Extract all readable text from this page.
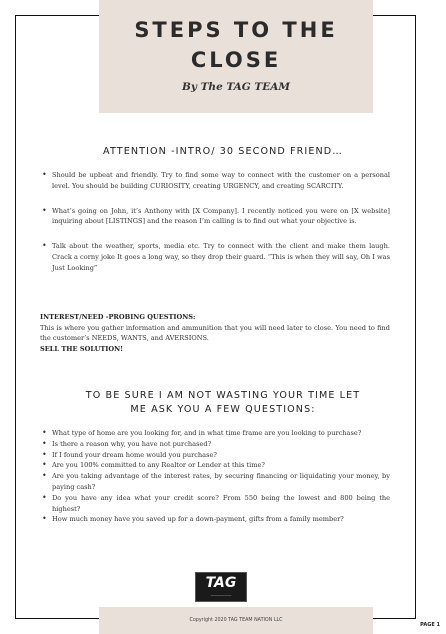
STEPS TO THE
CLOSE
By The TAG TEAM
ATTENTION -INTRO/ 30 SECOND FRIEND…
• Should be upbeat and friendly. Try to find some way to connect with the customer on a personal level. You should be building CURIOSITY, creating URGENCY, and creating SCARCITY.
• What’s going on John, it’s Anthony with [X Company]. I recently noticed you were on [X website] inquiring about [LISTINGS] and the reason I’m calling is to find out what your objective is.
• Talk about the weather, sports, media etc. Try to connect with the client and make them laugh. Crack a corny joke It goes a long way, so they drop their guard. “This is when they will say, Oh I was Just Looking”
INTEREST/NEED -PROBING QUESTIONS:
This is where you gather information and ammunition that you will need later to close. You need to find the customer’s NEEDS, WANTS, and AVERSIONS.
SELL THE SOLUTION!
TO BE SURE I AM NOT WASTING YOUR TIME LET
ME ASK YOU A FEW QUESTIONS:
• What type of home are you looking for, and in what time frame are you looking to purchase?
• Is there a reason why, you have not purchased?
• If I found your dream home would you purchase?
• Are you 100% committed to any Realtor or Lender at this time?
• Are you taking advantage of the interest rates, by securing financing or liquidating your money, by paying cash?
• Do you have any idea what your credit score? From 550 being the lowest and 800 being the highest?
• How much money have you saved up for a down-payment, gifts from a family member?
TAG
——————
Copyright 2020 TAG TEAM NATION LLC
PAGE 1
